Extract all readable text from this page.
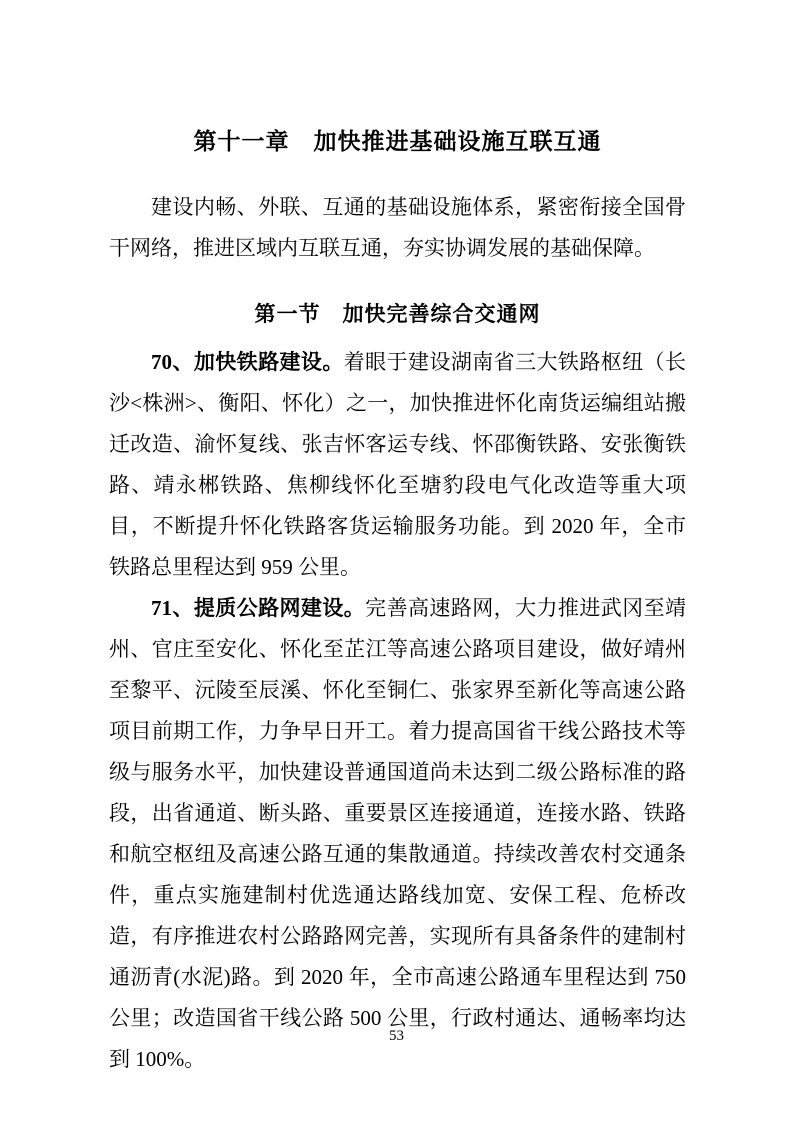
第十一章　加快推进基础设施互联互通

建设内畅、外联、互通的基础设施体系，紧密衔接全国骨干网络，推进区域内互联互通，夯实协调发展的基础保障。

第一节　加快完善综合交通网

70、加快铁路建设。着眼于建设湖南省三大铁路枢纽（长沙<株洲>、衡阳、怀化）之一，加快推进怀化南货运编组站搬迁改造、渝怀复线、张吉怀客运专线、怀邵衡铁路、安张衡铁路、靖永郴铁路、焦柳线怀化至塘豹段电气化改造等重大项目，不断提升怀化铁路客货运输服务功能。到 2020 年，全市铁路总里程达到 959 公里。

71、提质公路网建设。完善高速路网，大力推进武冈至靖州、官庄至安化、怀化至芷江等高速公路项目建设，做好靖州至黎平、沅陵至辰溪、怀化至铜仁、张家界至新化等高速公路项目前期工作，力争早日开工。着力提高国省干线公路技术等级与服务水平，加快建设普通国道尚未达到二级公路标准的路段，出省通道、断头路、重要景区连接通道，连接水路、铁路和航空枢纽及高速公路互通的集散通道。持续改善农村交通条件，重点实施建制村优选通达路线加宽、安保工程、危桥改造，有序推进农村公路路网完善，实现所有具备条件的建制村通沥青(水泥)路。到 2020 年，全市高速公路通车里程达到 750 公里；改造国省干线公路 500 公里，行政村通达、通畅率均达到 100%。

53
